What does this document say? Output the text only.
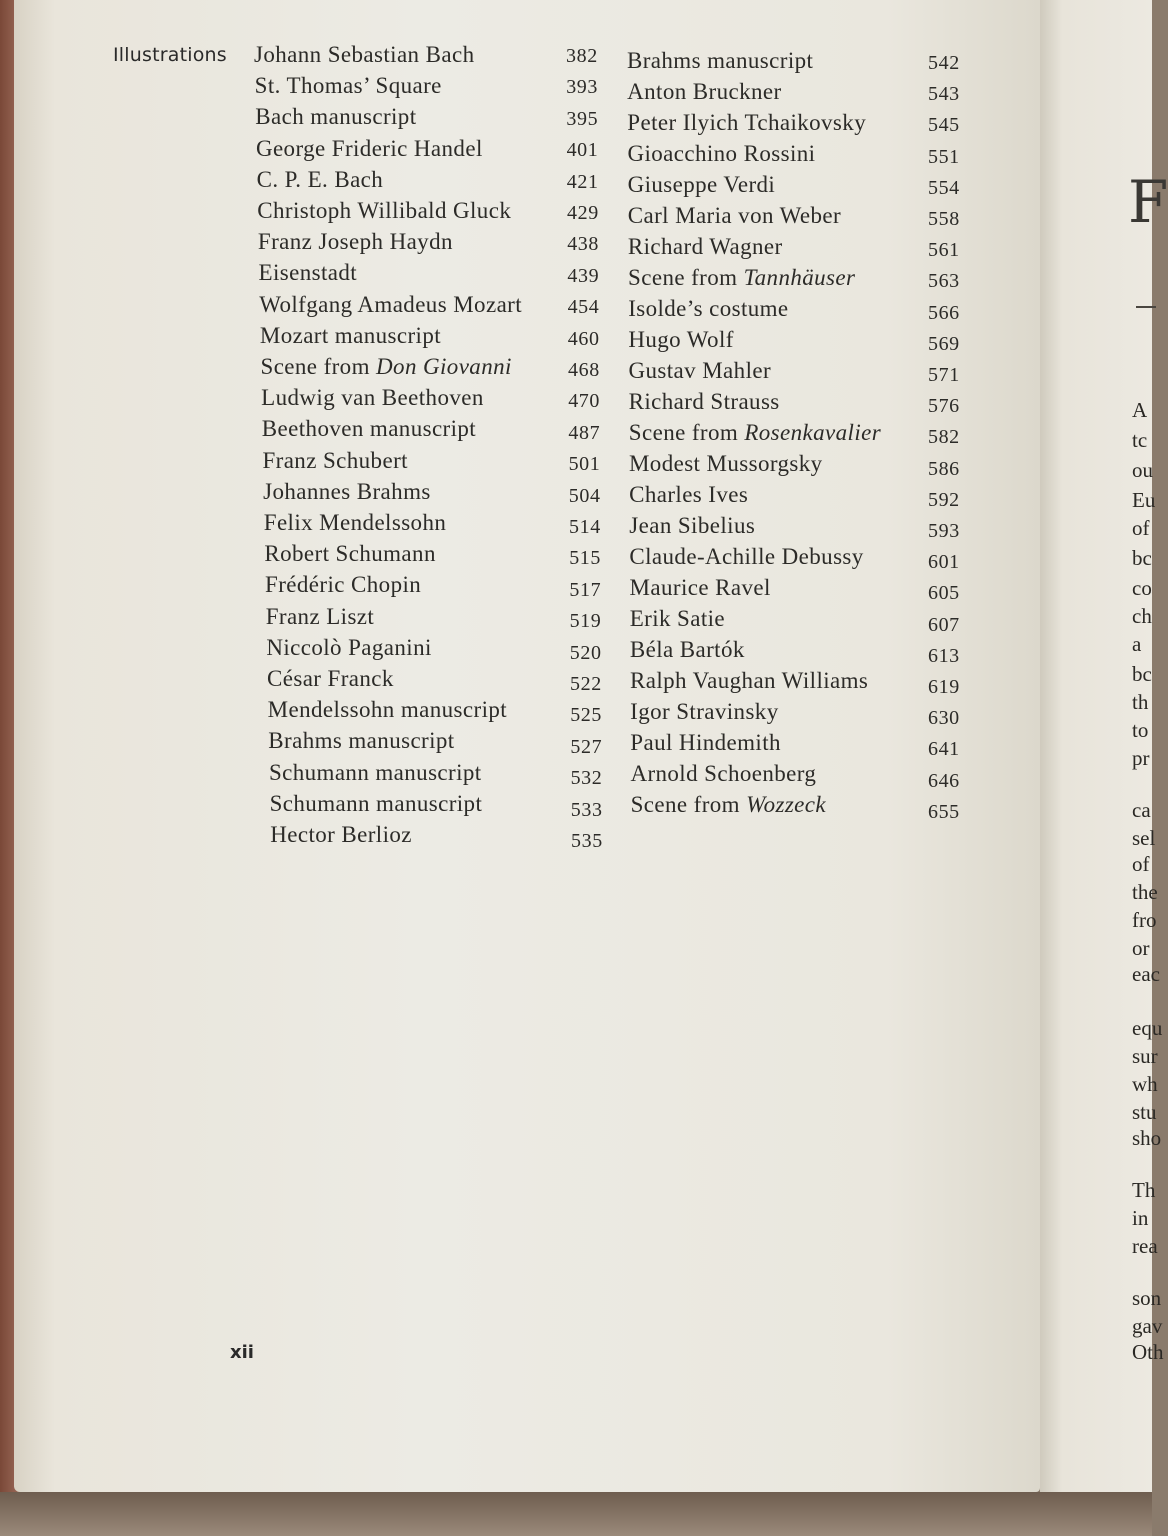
F
A
tc
ou
Eu
of
bc
co
ch
a
bc
th
to
pr
ca
sel
of
the
fro
or
eac
equ
sur
wh
stu
sho
Th
in
rea
son
gav
Oth
Illustrations Johann Sebastian Bach	382
St. Thomas’ Square	393
Bach manuscript	395
George Frideric Handel	401
C. P. E. Bach	421
Christoph Willibald Gluck	429
Franz Joseph Haydn	438
Eisenstadt	439
Wolfgang Amadeus Mozart 454
Mozart manuscript	460
Scene from Don Giovanni	468
Ludwig van Beethoven	470
Beethoven manuscript	487
Franz Schubert	501
Johannes Brahms	504
Felix Mendelssohn	514
Robert Schumann	515
Frédéric Chopin	517
Franz Liszt	519
Niccolò Paganini	520
César Franck	522
Mendelssohn manuscript	525
Brahms manuscript	527
Schumann manuscript	532
Schumann manuscript	533
Hector Berlioz	535
Brahms manuscript	542
Anton Bruckner	543
Peter Ilyich Tchaikovsky	545
Gioacchino Rossini	551
Giuseppe Verdi	554
Carl Maria von Weber	558
Richard Wagner	561
Scene from Tannhäuser	563
Isolde’s costume	566
Hugo Wolf	569
Gustav Mahler	571
Richard Strauss	576
Scene from Rosenkavalier 582
Modest Mussorgsky	586
Charles Ives	592
Jean Sibelius	593
Claude-Achille Debussy	601
Maurice Ravel	605
Erik Satie	607
Béla Bartók	613
Ralph Vaughan Williams	619
Igor Stravinsky	630
Paul Hindemith	641
Arnold Schoenberg	646
Scene from Wozzeck	655
xii
